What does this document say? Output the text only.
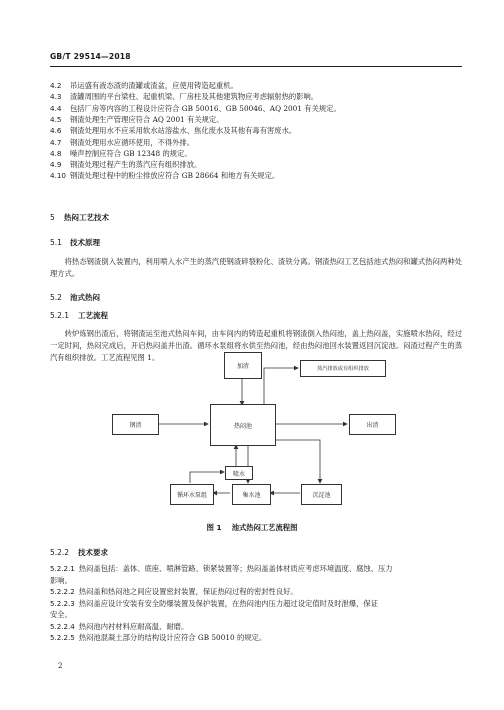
GB/T 29514—2018
4.2 吊运盛有液态渣的渣罐或渣盆，应使用铸造起重机。
4.3 渣罐周围的平台梁柱、起重机梁、厂房柱及其他建筑物应考虑辐射热的影响。
4.4 包括厂房等内容的工程设计应符合 GB 50016、GB 50046、AQ 2001 有关规定。
4.5 钢渣处理生产管理应符合 AQ 2001 有关规定。
4.6 钢渣处理用水不应采用软水站溶盐水、焦化废水及其他有毒有害废水。
4.7 钢渣处理用水应循环使用，不得外排。
4.8 噪声控制应符合 GB 12348 的规定。
4.9 钢渣处理过程产生的蒸汽应有组织排放。
4.10 钢渣处理过程中的粉尘排放应符合 GB 28664 和地方有关规定。
5 热闷工艺技术
5.1 技术原理
将热态钢渣倒入装置内，利用喷入水产生的蒸汽使钢渣碎裂粉化、渣铁分离。钢渣热闷工艺包括池式热闷和罐式热闷两种处理方式。
5.2 池式热闷
5.2.1 工艺流程
转炉炼钢出渣后，将钢渣运至池式热闷车间，由车间内的铸造起重机将钢渣倒入热闷池，盖上热闷盖，实施喷水热闷，经过一定时间，热闷完成后，开启热闷盖并出渣。循环水泵组将水供至热闷池，经由热闷池回水装置返回沉淀池。闷渣过程产生的蒸汽有组织排放。工艺流程见图 1。
加渣	蒸汽排放或有组织排放
钢渣	热闷池	出渣
喷水
循环水泵组	集水池	沉淀池
图 1 池式热闷工艺流程图
5.2.2 技术要求
5.2.2.1 热闷盖包括：盖体、底座、喷淋管路、锁紧装置等；热闷盖盖体材质应考虑环境温度、腐蚀、压力
影响。
5.2.2.2 热闷盖和热闷池之间应设置密封装置，保证热闷过程的密封性良好。
5.2.2.3 热闷盖应设计安装有安全防爆装置及保护装置，在热闷池内压力超过设定值时及时泄爆，保证
安全。
5.2.2.4 热闷池内衬材料应耐高温、耐磨。
5.2.2.5 热闷池混凝土部分的结构设计应符合 GB 50010 的规定。
2
